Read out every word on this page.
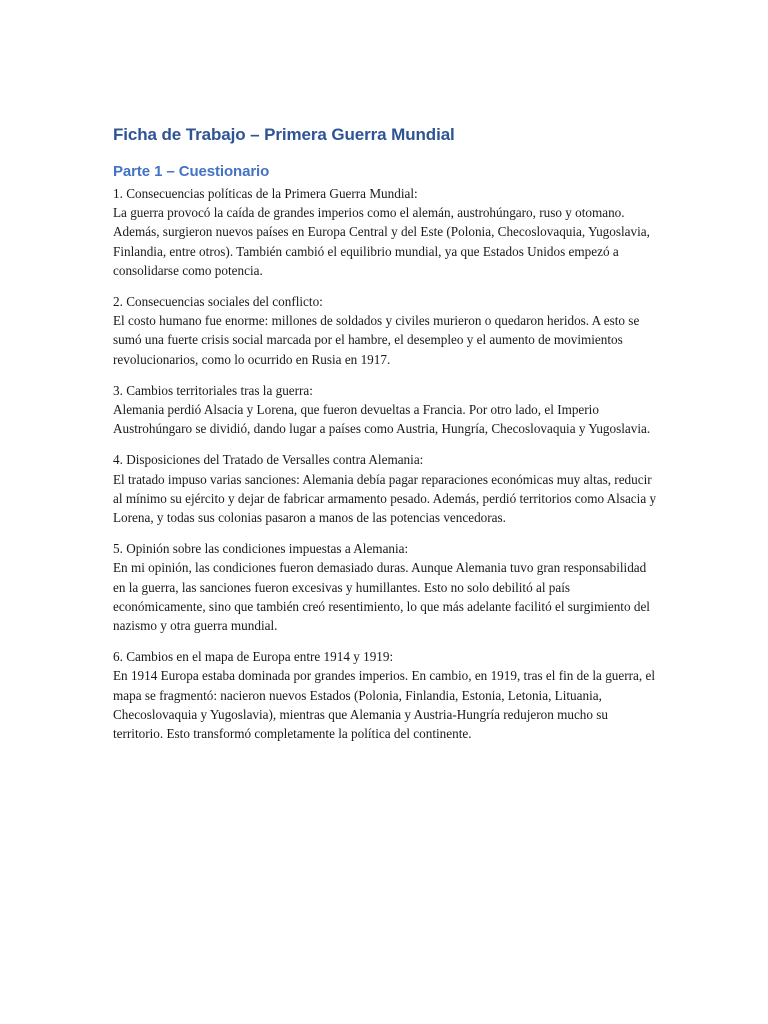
Ficha de Trabajo – Primera Guerra Mundial
Parte 1 – Cuestionario

1. Consecuencias políticas de la Primera Guerra Mundial:

La guerra provocó la caída de grandes imperios como el alemán, austrohúngaro, ruso y otomano. Además, surgieron nuevos países en Europa Central y del Este (Polonia, Checoslovaquia, Yugoslavia, Finlandia, entre otros). También cambió el equilibrio mundial, ya que Estados Unidos empezó a consolidarse como potencia.

2. Consecuencias sociales del conflicto:

El costo humano fue enorme: millones de soldados y civiles murieron o quedaron heridos. A esto se sumó una fuerte crisis social marcada por el hambre, el desempleo y el aumento de movimientos revolucionarios, como lo ocurrido en Rusia en 1917.

3. Cambios territoriales tras la guerra:

Alemania perdió Alsacia y Lorena, que fueron devueltas a Francia. Por otro lado, el Imperio Austrohúngaro se dividió, dando lugar a países como Austria, Hungría, Checoslovaquia y Yugoslavia.

4. Disposiciones del Tratado de Versalles contra Alemania:

El tratado impuso varias sanciones: Alemania debía pagar reparaciones económicas muy altas, reducir al mínimo su ejército y dejar de fabricar armamento pesado. Además, perdió territorios como Alsacia y Lorena, y todas sus colonias pasaron a manos de las potencias vencedoras.

5. Opinión sobre las condiciones impuestas a Alemania:

En mi opinión, las condiciones fueron demasiado duras. Aunque Alemania tuvo gran responsabilidad en la guerra, las sanciones fueron excesivas y humillantes. Esto no solo debilitó al país económicamente, sino que también creó resentimiento, lo que más adelante facilitó el surgimiento del nazismo y otra guerra mundial.

6. Cambios en el mapa de Europa entre 1914 y 1919:

En 1914 Europa estaba dominada por grandes imperios. En cambio, en 1919, tras el fin de la guerra, el mapa se fragmentó: nacieron nuevos Estados (Polonia, Finlandia, Estonia, Letonia, Lituania, Checoslovaquia y Yugoslavia), mientras que Alemania y Austria-Hungría redujeron mucho su territorio. Esto transformó completamente la política del continente.
